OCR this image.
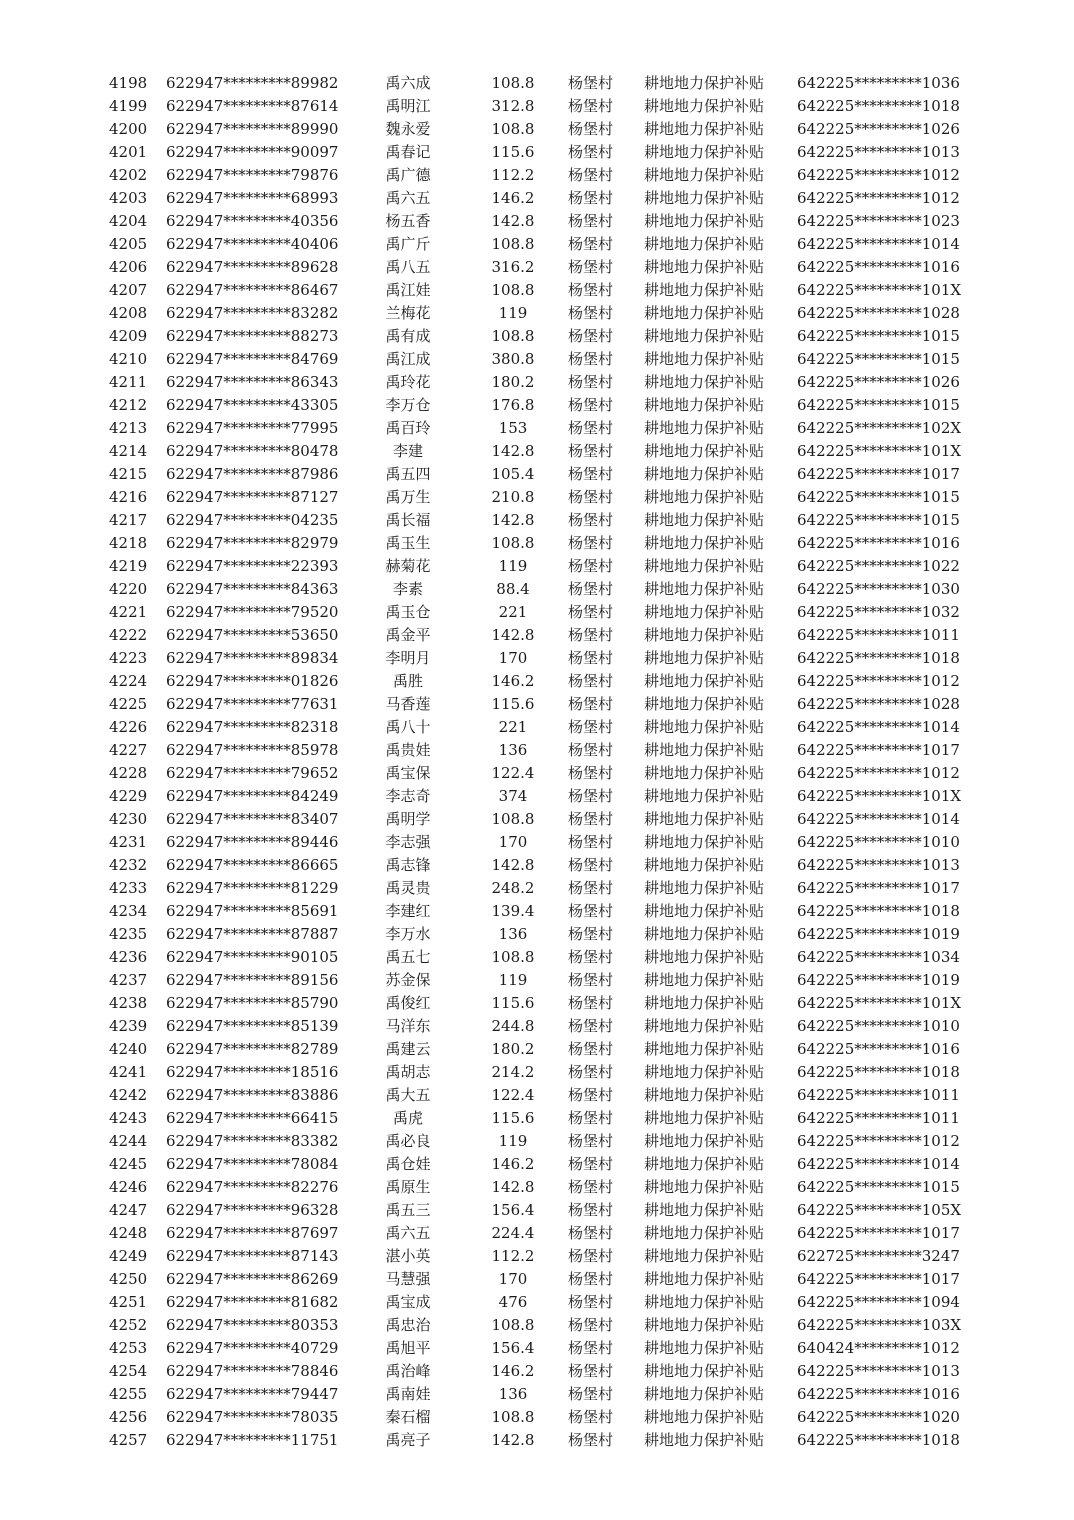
4198	622947*********89982	禹六成	108.8	杨堡村	耕地地力保护补贴	642225*********1036
4199	622947*********87614	禹明江	312.8	杨堡村	耕地地力保护补贴	642225*********1018
4200	622947*********89990	魏永爱	108.8	杨堡村	耕地地力保护补贴	642225*********1026
4201	622947*********90097	禹春记	115.6	杨堡村	耕地地力保护补贴	642225*********1013
4202	622947*********79876	禹广德	112.2	杨堡村	耕地地力保护补贴	642225*********1012
4203	622947*********68993	禹六五	146.2	杨堡村	耕地地力保护补贴	642225*********1012
4204	622947*********40356	杨五香	142.8	杨堡村	耕地地力保护补贴	642225*********1023
4205	622947*********40406	禹广斤	108.8	杨堡村	耕地地力保护补贴	642225*********1014
4206	622947*********89628	禹八五	316.2	杨堡村	耕地地力保护补贴	642225*********1016
4207	622947*********86467	禹江娃	108.8	杨堡村	耕地地力保护补贴	642225*********101X
4208	622947*********83282	兰梅花	119	杨堡村	耕地地力保护补贴	642225*********1028
4209	622947*********88273	禹有成	108.8	杨堡村	耕地地力保护补贴	642225*********1015
4210	622947*********84769	禹江成	380.8	杨堡村	耕地地力保护补贴	642225*********1015
4211	622947*********86343	禹玲花	180.2	杨堡村	耕地地力保护补贴	642225*********1026
4212	622947*********43305	李万仓	176.8	杨堡村	耕地地力保护补贴	642225*********1015
4213	622947*********77995	禹百玲	153	杨堡村	耕地地力保护补贴	642225*********102X
4214	622947*********80478	李建	142.8	杨堡村	耕地地力保护补贴	642225*********101X
4215	622947*********87986	禹五四	105.4	杨堡村	耕地地力保护补贴	642225*********1017
4216	622947*********87127	禹万生	210.8	杨堡村	耕地地力保护补贴	642225*********1015
4217	622947*********04235	禹长福	142.8	杨堡村	耕地地力保护补贴	642225*********1015
4218	622947*********82979	禹玉生	108.8	杨堡村	耕地地力保护补贴	642225*********1016
4219	622947*********22393	赫菊花	119	杨堡村	耕地地力保护补贴	642225*********1022
4220	622947*********84363	李素	88.4	杨堡村	耕地地力保护补贴	642225*********1030
4221	622947*********79520	禹玉仓	221	杨堡村	耕地地力保护补贴	642225*********1032
4222	622947*********53650	禹金平	142.8	杨堡村	耕地地力保护补贴	642225*********1011
4223	622947*********89834	李明月	170	杨堡村	耕地地力保护补贴	642225*********1018
4224	622947*********01826	禹胜	146.2	杨堡村	耕地地力保护补贴	642225*********1012
4225	622947*********77631	马香莲	115.6	杨堡村	耕地地力保护补贴	642225*********1028
4226	622947*********82318	禹八十	221	杨堡村	耕地地力保护补贴	642225*********1014
4227	622947*********85978	禹贵娃	136	杨堡村	耕地地力保护补贴	642225*********1017
4228	622947*********79652	禹宝保	122.4	杨堡村	耕地地力保护补贴	642225*********1012
4229	622947*********84249	李志奇	374	杨堡村	耕地地力保护补贴	642225*********101X
4230	622947*********83407	禹明学	108.8	杨堡村	耕地地力保护补贴	642225*********1014
4231	622947*********89446	李志强	170	杨堡村	耕地地力保护补贴	642225*********1010
4232	622947*********86665	禹志锋	142.8	杨堡村	耕地地力保护补贴	642225*********1013
4233	622947*********81229	禹灵贵	248.2	杨堡村	耕地地力保护补贴	642225*********1017
4234	622947*********85691	李建红	139.4	杨堡村	耕地地力保护补贴	642225*********1018
4235	622947*********87887	李万水	136	杨堡村	耕地地力保护补贴	642225*********1019
4236	622947*********90105	禹五七	108.8	杨堡村	耕地地力保护补贴	642225*********1034
4237	622947*********89156	苏金保	119	杨堡村	耕地地力保护补贴	642225*********1019
4238	622947*********85790	禹俊红	115.6	杨堡村	耕地地力保护补贴	642225*********101X
4239	622947*********85139	马洋东	244.8	杨堡村	耕地地力保护补贴	642225*********1010
4240	622947*********82789	禹建云	180.2	杨堡村	耕地地力保护补贴	642225*********1016
4241	622947*********18516	禹胡志	214.2	杨堡村	耕地地力保护补贴	642225*********1018
4242	622947*********83886	禹大五	122.4	杨堡村	耕地地力保护补贴	642225*********1011
4243	622947*********66415	禹虎	115.6	杨堡村	耕地地力保护补贴	642225*********1011
4244	622947*********83382	禹必良	119	杨堡村	耕地地力保护补贴	642225*********1012
4245	622947*********78084	禹仓娃	146.2	杨堡村	耕地地力保护补贴	642225*********1014
4246	622947*********82276	禹原生	142.8	杨堡村	耕地地力保护补贴	642225*********1015
4247	622947*********96328	禹五三	156.4	杨堡村	耕地地力保护补贴	642225*********105X
4248	622947*********87697	禹六五	224.4	杨堡村	耕地地力保护补贴	642225*********1017
4249	622947*********87143	湛小英	112.2	杨堡村	耕地地力保护补贴	622725*********3247
4250	622947*********86269	马慧强	170	杨堡村	耕地地力保护补贴	642225*********1017
4251	622947*********81682	禹宝成	476	杨堡村	耕地地力保护补贴	642225*********1094
4252	622947*********80353	禹忠治	108.8	杨堡村	耕地地力保护补贴	642225*********103X
4253	622947*********40729	禹旭平	156.4	杨堡村	耕地地力保护补贴	640424*********1012
4254	622947*********78846	禹治峰	146.2	杨堡村	耕地地力保护补贴	642225*********1013
4255	622947*********79447	禹南娃	136	杨堡村	耕地地力保护补贴	642225*********1016
4256	622947*********78035	秦石榴	108.8	杨堡村	耕地地力保护补贴	642225*********1020
4257	622947*********11751	禹亮子	142.8	杨堡村	耕地地力保护补贴	642225*********1018
